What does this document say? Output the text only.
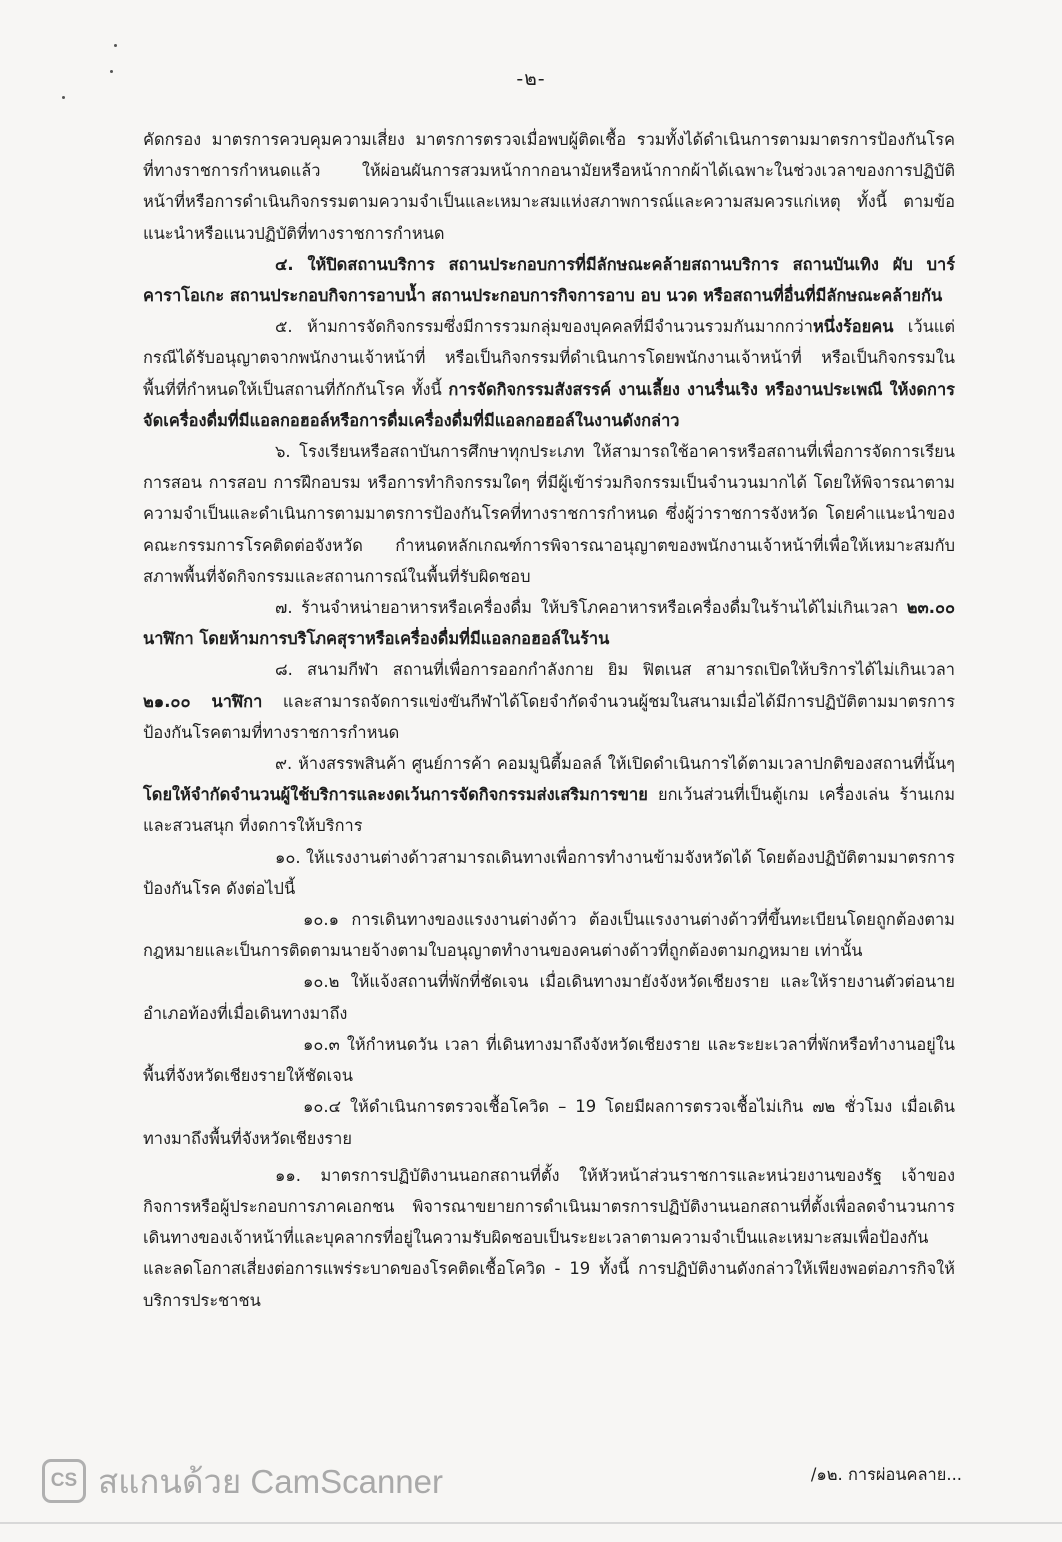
-๒-

คัดกรอง มาตรการควบคุมความเสี่ยง มาตรการตรวจเมื่อพบผู้ติดเชื้อ รวมทั้งได้ดำเนินการตามมาตรการป้องกันโรคที่ทางราชการกำหนดแล้ว ให้ผ่อนผันการสวมหน้ากากอนามัยหรือหน้ากากผ้าได้เฉพาะในช่วงเวลาของการปฏิบัติหน้าที่หรือการดำเนินกิจกรรมตามความจำเป็นและเหมาะสมแห่งสภาพการณ์และความสมควรแก่เหตุ ทั้งนี้ ตามข้อแนะนำหรือแนวปฏิบัติที่ทางราชการกำหนด

๔. ให้ปิดสถานบริการ สถานประกอบการที่มีลักษณะคล้ายสถานบริการ สถานบันเทิง ผับ บาร์ คาราโอเกะ สถานประกอบกิจการอาบน้ำ สถานประกอบการกิจการอาบ อบ นวด หรือสถานที่อื่นที่มีลักษณะคล้ายกัน

๕. ห้ามการจัดกิจกรรมซึ่งมีการรวมกลุ่มของบุคคลที่มีจำนวนรวมกันมากกว่าหนึ่งร้อยคน เว้นแต่ กรณีได้รับอนุญาตจากพนักงานเจ้าหน้าที่ หรือเป็นกิจกรรมที่ดำเนินการโดยพนักงานเจ้าหน้าที่ หรือเป็นกิจกรรมในพื้นที่ที่กำหนดให้เป็นสถานที่กักกันโรค ทั้งนี้ การจัดกิจกรรมสังสรรค์ งานเลี้ยง งานรื่นเริง หรืองานประเพณี ให้งดการจัดเครื่องดื่มที่มีแอลกอฮอล์หรือการดื่มเครื่องดื่มที่มีแอลกอฮอล์ในงานดังกล่าว

๖. โรงเรียนหรือสถาบันการศึกษาทุกประเภท ให้สามารถใช้อาคารหรือสถานที่เพื่อการจัดการเรียนการสอน การสอบ การฝึกอบรม หรือการทำกิจกรรมใดๆ ที่มีผู้เข้าร่วมกิจกรรมเป็นจำนวนมากได้ โดยให้พิจารณาตามความจำเป็นและดำเนินการตามมาตรการป้องกันโรคที่ทางราชการกำหนด ซึ่งผู้ว่าราชการจังหวัด โดยคำแนะนำของคณะกรรมการโรคติดต่อจังหวัด กำหนดหลักเกณฑ์การพิจารณาอนุญาตของพนักงานเจ้าหน้าที่เพื่อให้เหมาะสมกับสภาพพื้นที่จัดกิจกรรมและสถานการณ์ในพื้นที่รับผิดชอบ

๗. ร้านจำหน่ายอาหารหรือเครื่องดื่ม ให้บริโภคอาหารหรือเครื่องดื่มในร้านได้ไม่เกินเวลา ๒๓.๐๐ นาฬิกา โดยห้ามการบริโภคสุราหรือเครื่องดื่มที่มีแอลกอฮอล์ในร้าน

๘. สนามกีฬา สถานที่เพื่อการออกกำลังกาย ยิม ฟิตเนส สามารถเปิดให้บริการได้ไม่เกินเวลา ๒๑.๐๐ นาฬิกา และสามารถจัดการแข่งขันกีฬาได้โดยจำกัดจำนวนผู้ชมในสนามเมื่อได้มีการปฏิบัติตามมาตรการป้องกันโรคตามที่ทางราชการกำหนด

๙. ห้างสรรพสินค้า ศูนย์การค้า คอมมูนิตี้มอลล์ ให้เปิดดำเนินการได้ตามเวลาปกติของสถานที่นั้นๆ โดยให้จำกัดจำนวนผู้ใช้บริการและงดเว้นการจัดกิจกรรมส่งเสริมการขาย ยกเว้นส่วนที่เป็นตู้เกม เครื่องเล่น ร้านเกม และสวนสนุก ที่งดการให้บริการ

๑๐. ให้แรงงานต่างด้าวสามารถเดินทางเพื่อการทำงานข้ามจังหวัดได้ โดยต้องปฏิบัติตามมาตรการป้องกันโรค ดังต่อไปนี้

๑๐.๑ การเดินทางของแรงงานต่างด้าว ต้องเป็นแรงงานต่างด้าวที่ขึ้นทะเบียนโดยถูกต้องตามกฎหมายและเป็นการติดตามนายจ้างตามใบอนุญาตทำงานของคนต่างด้าวที่ถูกต้องตามกฎหมาย เท่านั้น

๑๐.๒ ให้แจ้งสถานที่พักที่ชัดเจน เมื่อเดินทางมายังจังหวัดเชียงราย และให้รายงานตัวต่อนายอำเภอท้องที่เมื่อเดินทางมาถึง

๑๐.๓ ให้กำหนดวัน เวลา ที่เดินทางมาถึงจังหวัดเชียงราย และระยะเวลาที่พักหรือทำงานอยู่ในพื้นที่จังหวัดเชียงรายให้ชัดเจน

๑๐.๔ ให้ดำเนินการตรวจเชื้อโควิด – 19 โดยมีผลการตรวจเชื้อไม่เกิน ๗๒ ชั่วโมง เมื่อเดินทางมาถึงพื้นที่จังหวัดเชียงราย

๑๑. มาตรการปฏิบัติงานนอกสถานที่ตั้ง ให้หัวหน้าส่วนราชการและหน่วยงานของรัฐ เจ้าของกิจการหรือผู้ประกอบการภาคเอกชน พิจารณาขยายการดำเนินมาตรการปฏิบัติงานนอกสถานที่ตั้งเพื่อลดจำนวนการเดินทางของเจ้าหน้าที่และบุคลากรที่อยู่ในความรับผิดชอบเป็นระยะเวลาตามความจำเป็นและเหมาะสมเพื่อป้องกันและลดโอกาสเสี่ยงต่อการแพร่ระบาดของโรคติดเชื้อโควิด - 19 ทั้งนี้ การปฏิบัติงานดังกล่าวให้เพียงพอต่อภารกิจให้บริการประชาชน

CS สแกนด้วย CamScanner	/๑๒. การผ่อนคลาย...
